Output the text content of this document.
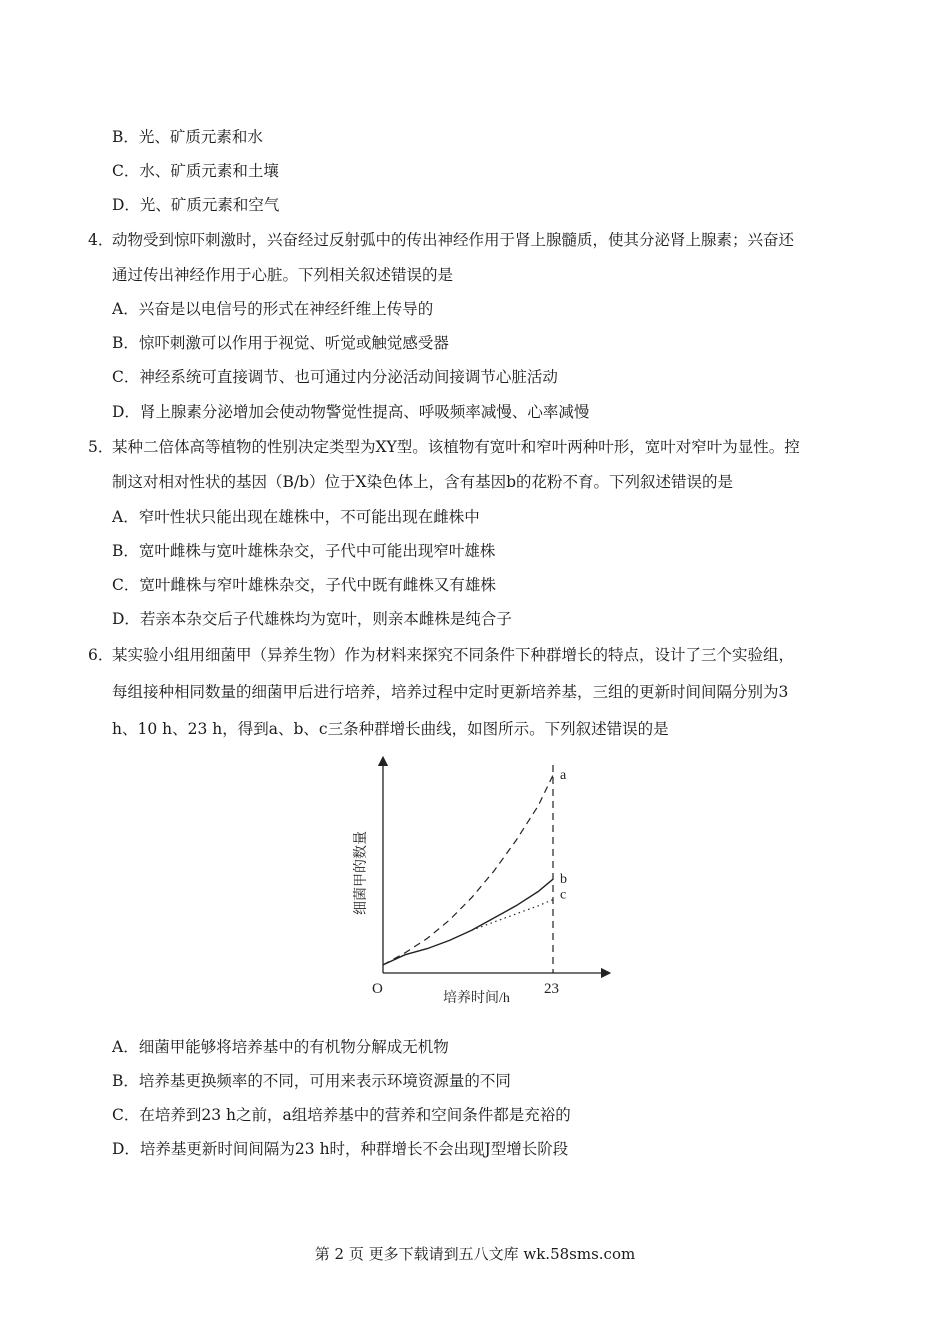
B．光、矿质元素和水
C．水、矿质元素和土壤
D．光、矿质元素和空气
4．
动物受到惊吓刺激时，兴奋经过反射弧中的传出神经作用于肾上腺髓质，使其分泌肾上腺素；兴奋还
通过传出神经作用于心脏。下列相关叙述错误的是
A．兴奋是以电信号的形式在神经纤维上传导的
B．惊吓刺激可以作用于视觉、听觉或触觉感受器
C．神经系统可直接调节、也可通过内分泌活动间接调节心脏活动
D．肾上腺素分泌增加会使动物警觉性提高、呼吸频率减慢、心率减慢
5．
某种二倍体高等植物的性别决定类型为XY型。该植物有宽叶和窄叶两种叶形，宽叶对窄叶为显性。控
制这对相对性状的基因（B/b）位于X染色体上，含有基因b的花粉不育。下列叙述错误的是
A．窄叶性状只能出现在雄株中，不可能出现在雌株中
B．宽叶雌株与宽叶雄株杂交，子代中可能出现窄叶雄株
C．宽叶雌株与窄叶雄株杂交，子代中既有雌株又有雄株
D．若亲本杂交后子代雄株均为宽叶，则亲本雌株是纯合子
6．
某实验小组用细菌甲（异养生物）作为材料来探究不同条件下种群增长的特点，设计了三个实验组，
每组接种相同数量的细菌甲后进行培养，培养过程中定时更新培养基，三组的更新时间间隔分别为3
h、10 h、23 h，得到a、b、c三条种群增长曲线，如图所示。下列叙述错误的是
O
培养时间/h
细菌甲的数量
a
b
c
23
A．细菌甲能够将培养基中的有机物分解成无机物
B．培养基更换频率的不同，可用来表示环境资源量的不同
C．在培养到23 h之前，a组培养基中的营养和空间条件都是充裕的
D．培养基更新时间间隔为23 h时，种群增长不会出现J型增长阶段
第 2 页 更多下载请到五八文库 wk.58sms.com
